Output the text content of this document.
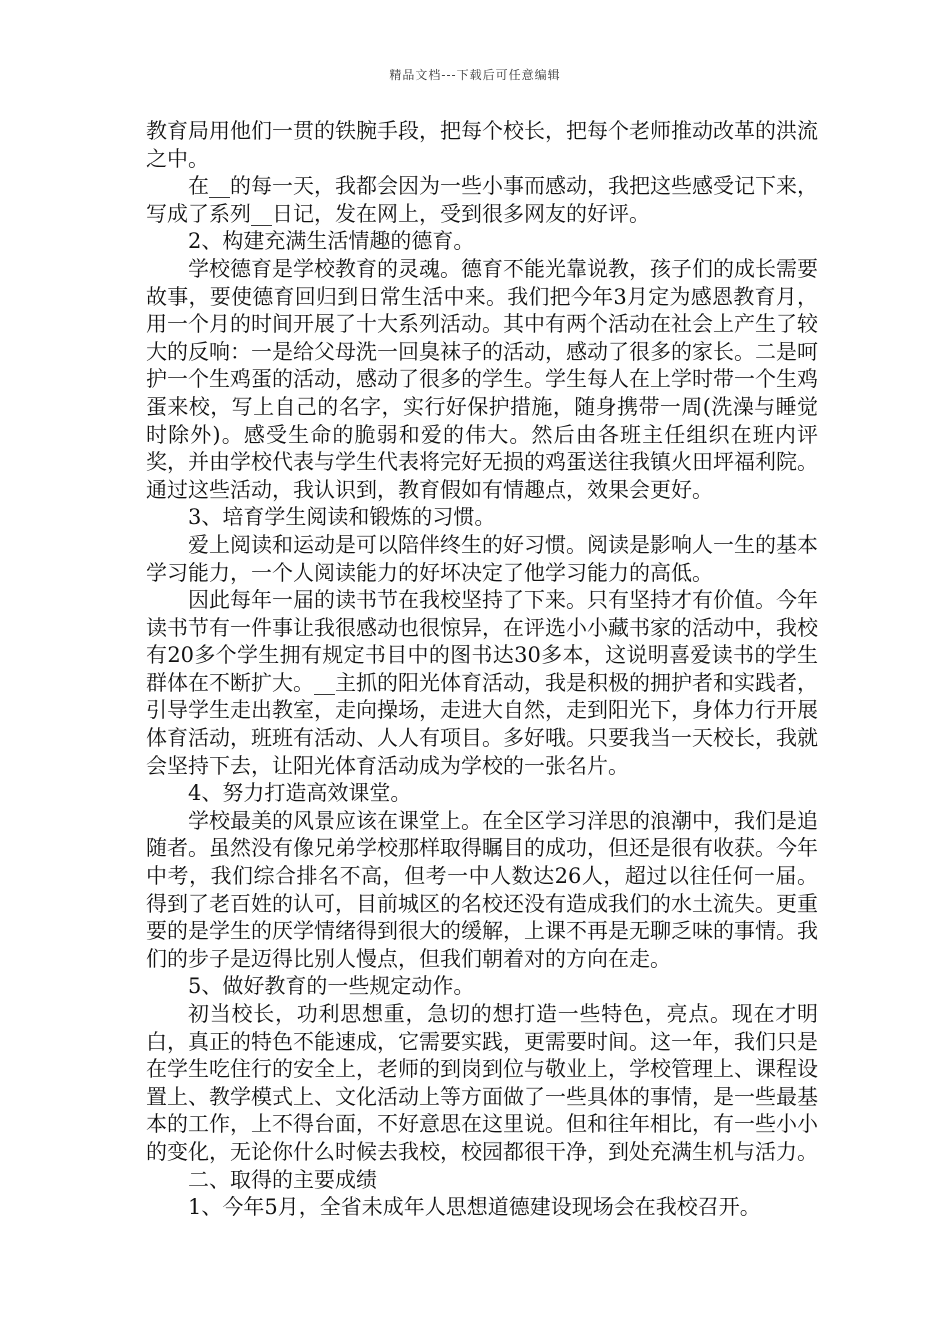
精品文档---下载后可任意编辑

教育局用他们一贯的铁腕手段，把每个校长，把每个老师推动改革的洪流之中。

在__的每一天，我都会因为一些小事而感动，我把这些感受记下来，写成了系列__日记，发在网上，受到很多网友的好评。

2、构建充满生活情趣的德育。

学校德育是学校教育的灵魂。德育不能光靠说教，孩子们的成长需要故事，要使德育回归到日常生活中来。我们把今年3月定为感恩教育月，用一个月的时间开展了十大系列活动。其中有两个活动在社会上产生了较大的反响：一是给父母洗一回臭袜子的活动，感动了很多的家长。二是呵护一个生鸡蛋的活动，感动了很多的学生。学生每人在上学时带一个生鸡蛋来校，写上自己的名字，实行好保护措施，随身携带一周(洗澡与睡觉时除外)。感受生命的脆弱和爱的伟大。然后由各班主任组织在班内评奖，并由学校代表与学生代表将完好无损的鸡蛋送往我镇火田坪福利院。通过这些活动，我认识到，教育假如有情趣点，效果会更好。

3、培育学生阅读和锻炼的习惯。

爱上阅读和运动是可以陪伴终生的好习惯。阅读是影响人一生的基本学习能力，一个人阅读能力的好坏决定了他学习能力的高低。

因此每年一届的读书节在我校坚持了下来。只有坚持才有价值。今年读书节有一件事让我很感动也很惊异，在评选小小藏书家的活动中，我校有20多个学生拥有规定书目中的图书达30多本，这说明喜爱读书的学生群体在不断扩大。__主抓的阳光体育活动，我是积极的拥护者和实践者，引导学生走出教室，走向操场，走进大自然，走到阳光下，身体力行开展体育活动，班班有活动、人人有项目。多好哦。只要我当一天校长，我就会坚持下去，让阳光体育活动成为学校的一张名片。

4、努力打造高效课堂。

学校最美的风景应该在课堂上。在全区学习洋思的浪潮中，我们是追随者。虽然没有像兄弟学校那样取得瞩目的成功，但还是很有收获。今年中考，我们综合排名不高，但考一中人数达26人，超过以往任何一届。得到了老百姓的认可，目前城区的名校还没有造成我们的水土流失。更重要的是学生的厌学情绪得到很大的缓解，上课不再是无聊乏味的事情。我们的步子是迈得比别人慢点，但我们朝着对的方向在走。

5、做好教育的一些规定动作。

初当校长，功利思想重，急切的想打造一些特色，亮点。现在才明白，真正的特色不能速成，它需要实践，更需要时间。这一年，我们只是在学生吃住行的安全上，老师的到岗到位与敬业上，学校管理上、课程设置上、教学模式上、文化活动上等方面做了一些具体的事情，是一些最基本的工作，上不得台面，不好意思在这里说。但和往年相比，有一些小小的变化，无论你什么时候去我校，校园都很干净，到处充满生机与活力。

二、取得的主要成绩

1、今年5月，全省未成年人思想道德建设现场会在我校召开。
